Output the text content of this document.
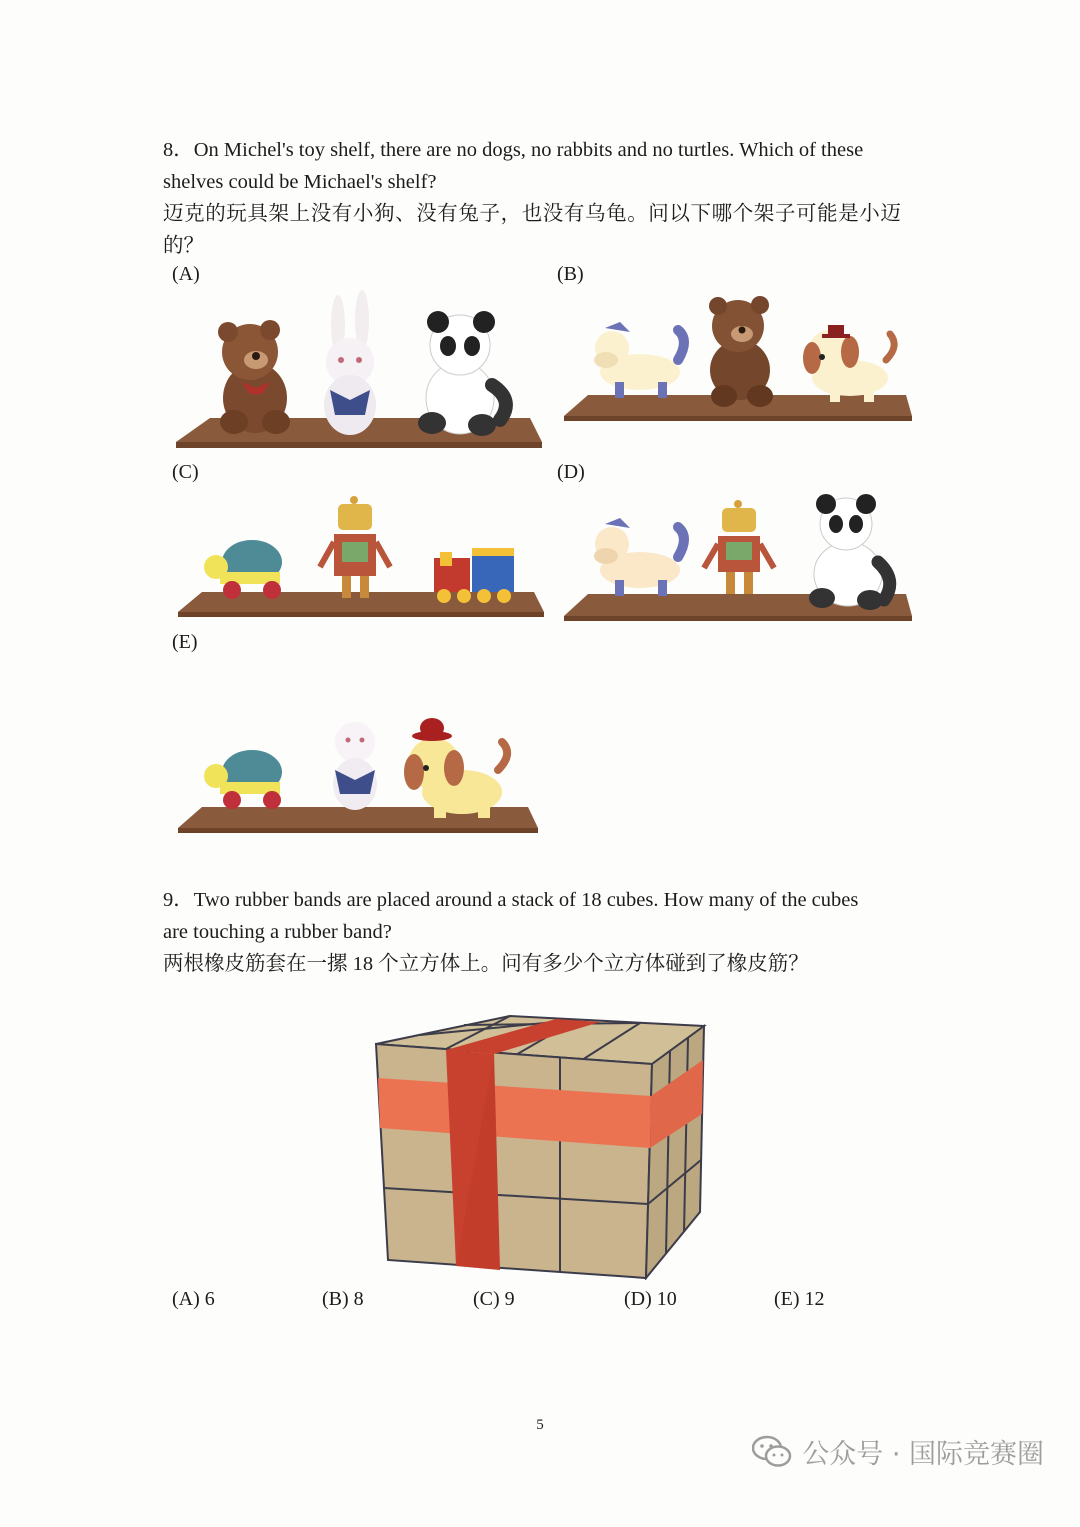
8．On Michel's toy shelf, there are no dogs, no rabbits and no turtles. Which of these
shelves could be Michael's shelf?
迈克的玩具架上没有小狗、没有兔子，也没有乌龟。问以下哪个架子可能是小迈
的？
(A)	(B)
(C)	(D)
(E)
9．Two rubber bands are placed around a stack of 18 cubes. How many of the cubes
are touching a rubber band?
两根橡皮筋套在一摞 18 个立方体上。问有多少个立方体碰到了橡皮筋？
(A) 6	(B) 8	(C) 9	(D) 10	(E) 12
5
公众号 · 国际竞赛圈
